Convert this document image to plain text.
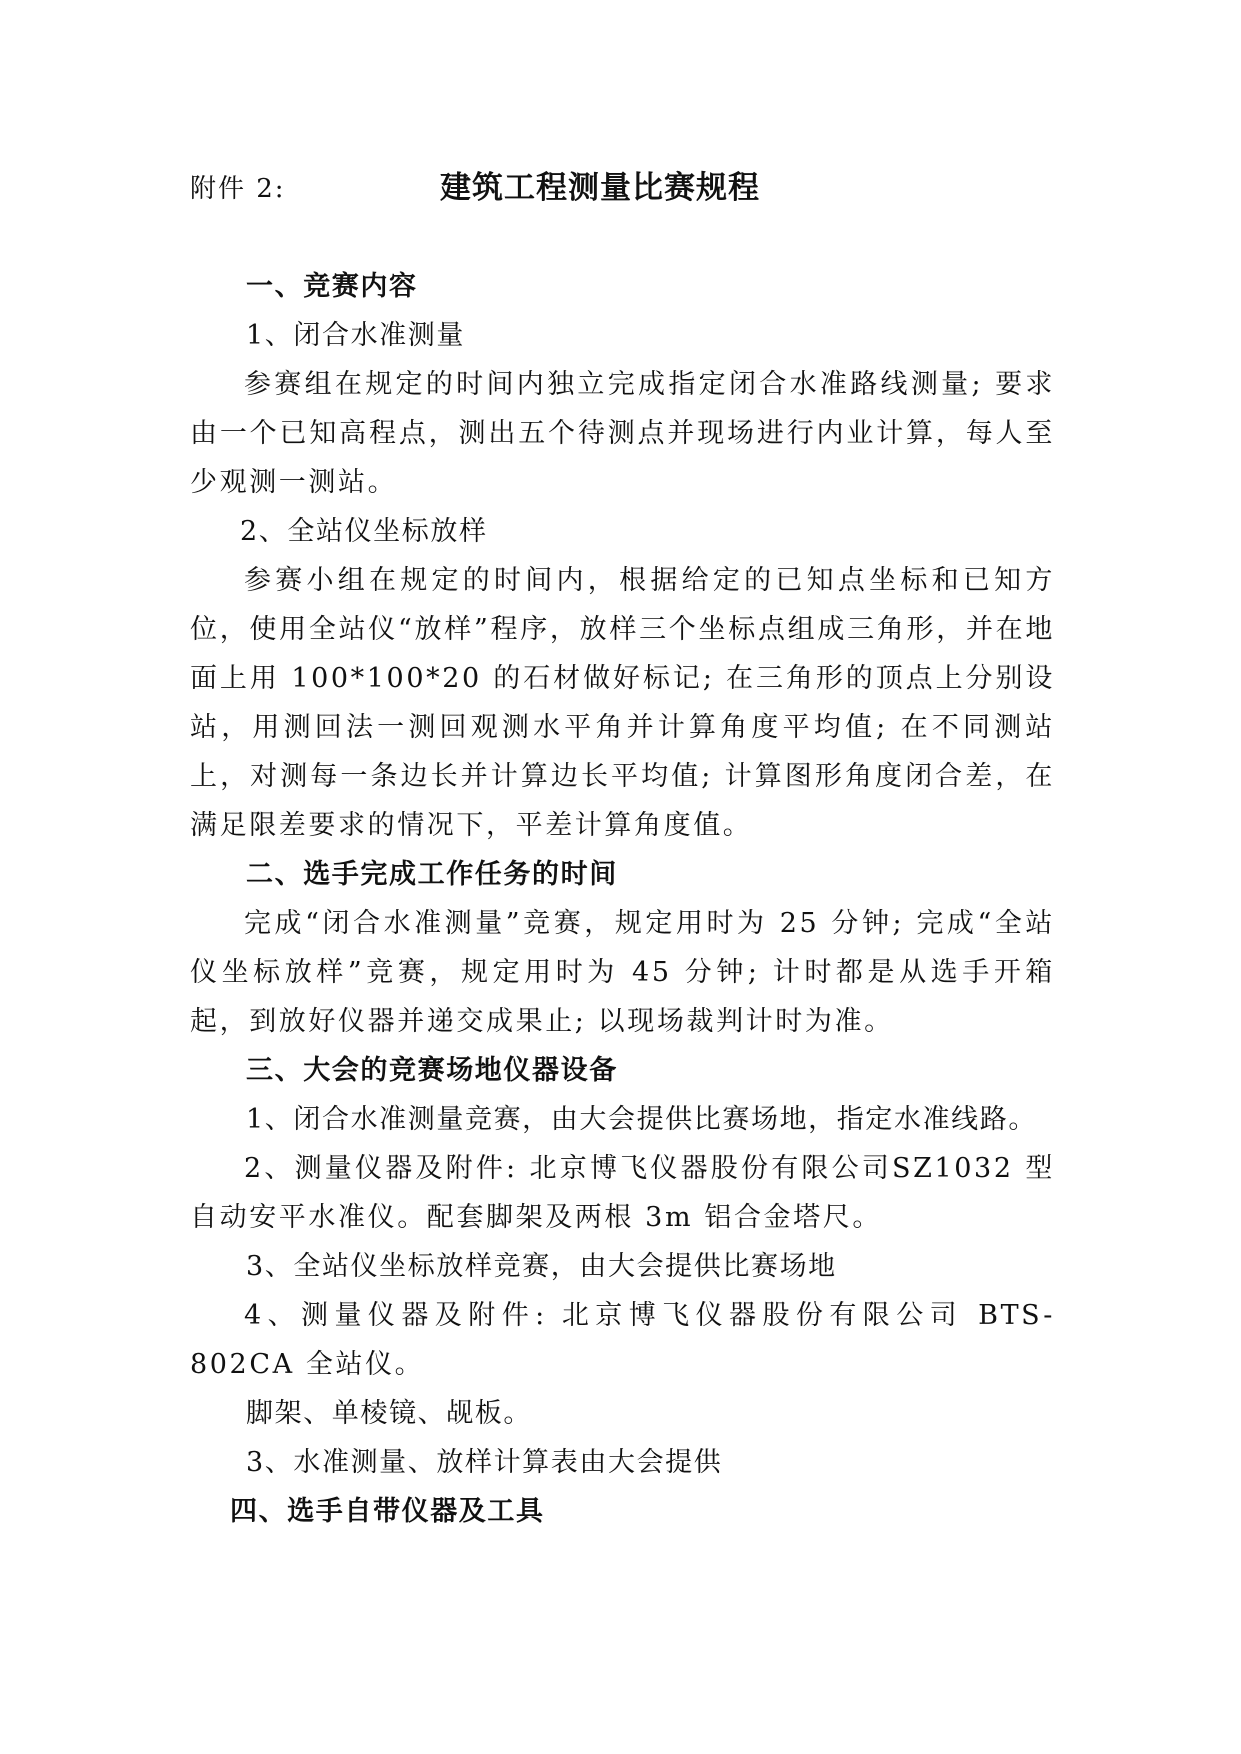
附件 2:	建筑工程测量比赛规程
一、竞赛内容
1、闭合水准测量
参赛组在规定的时间内独立完成指定闭合水准路线测量; 要求由一个已知高程点，测出五个待测点并现场进行内业计算，每人至少观测一测站。
2、全站仪坐标放样
参赛小组在规定的时间内，根据给定的已知点坐标和已知方位，使用全站仪“放样”程序，放样三个坐标点组成三角形，并在地面上用 100*100*20 的石材做好标记; 在三角形的顶点上分别设站，用测回法一测回观测水平角并计算角度平均值; 在不同测站上，对测每一条边长并计算边长平均值; 计算图形角度闭合差，在满足限差要求的情况下，平差计算角度值。
二、选手完成工作任务的时间
完成“闭合水准测量”竞赛，规定用时为 25 分钟; 完成“全站仪坐标放样”竞赛，规定用时为 45 分钟; 计时都是从选手开箱起，到放好仪器并递交成果止; 以现场裁判计时为准。
三、大会的竞赛场地仪器设备
1、闭合水准测量竞赛，由大会提供比赛场地，指定水准线路。
2、测量仪器及附件: 北京博飞仪器股份有限公司SZ1032 型自动安平水准仪。配套脚架及两根 3m 铝合金塔尺。
3、全站仪坐标放样竞赛，由大会提供比赛场地
4、测量仪器及附件: 北京博飞仪器股份有限公司 BTS-802CA 全站仪。
脚架、单棱镜、觇板。
3、水准测量、放样计算表由大会提供
四、选手自带仪器及工具
